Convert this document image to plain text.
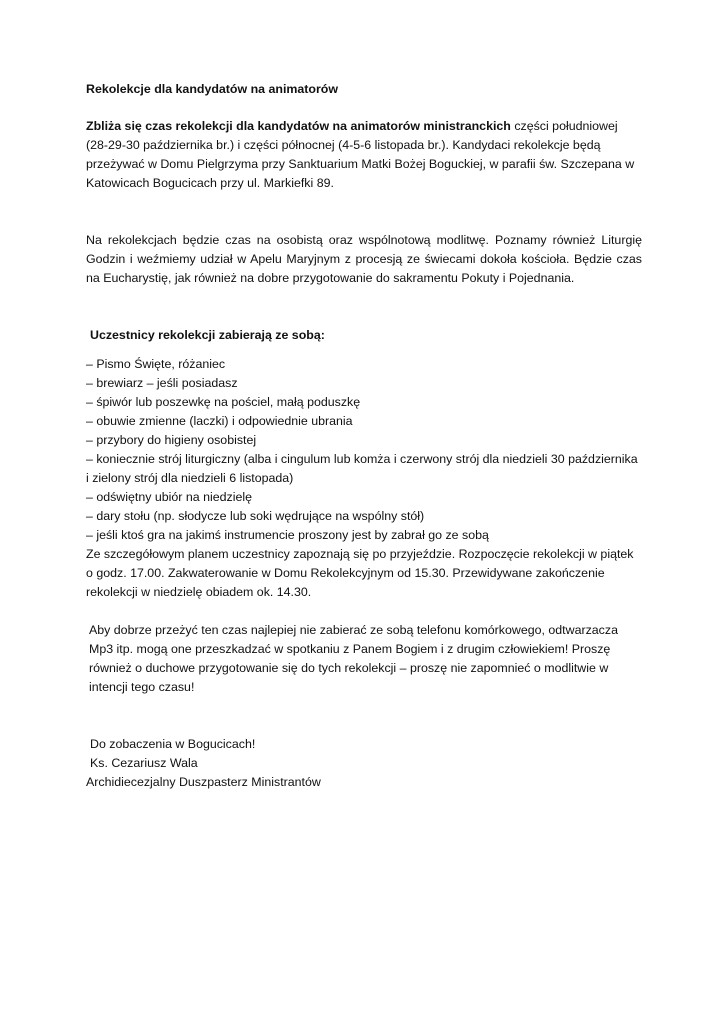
Rekolekcje dla kandydatów na animatorów

Zbliża się czas rekolekcji dla kandydatów na animatorów ministranckich części południowej (28-29-30 października br.) i części północnej (4-5-6 listopada br.). Kandydaci rekolekcje będą przeżywać w Domu Pielgrzyma przy Sanktuarium Matki Bożej Boguckiej, w parafii św. Szczepana w Katowicach Bogucicach przy ul. Markiefki 89.

Na rekolekcjach będzie czas na osobistą oraz wspólnotową modlitwę. Poznamy również Liturgię Godzin i weźmiemy udział w Apelu Maryjnym z procesją ze świecami dokoła kościoła. Będzie czas na Eucharystię, jak również na dobre przygotowanie do sakramentu Pokuty i Pojednania.

Uczestnicy rekolekcji zabierają ze sobą:

– Pismo Święte, różaniec
– brewiarz – jeśli posiadasz
– śpiwór lub poszewkę na pościel, małą poduszkę
– obuwie zmienne (laczki) i odpowiednie ubrania
– przybory do higieny osobistej
– koniecznie strój liturgiczny (alba i cingulum lub komża i czerwony strój dla niedzieli 30 października i zielony strój dla niedzieli 6 listopada)
– odświętny ubiór na niedzielę
– dary stołu (np. słodycze lub soki wędrujące na wspólny stół)
– jeśli ktoś gra na jakimś instrumencie proszony jest by zabrał go ze sobą

Ze szczegółowym planem uczestnicy zapoznają się po przyjeździe. Rozpoczęcie rekolekcji w piątek o godz. 17.00. Zakwaterowanie w Domu Rekolekcyjnym od 15.30. Przewidywane zakończenie rekolekcji w niedzielę obiadem ok. 14.30.

Aby dobrze przeżyć ten czas najlepiej nie zabierać ze sobą telefonu komórkowego, odtwarzacza Mp3 itp. mogą one przeszkadzać w spotkaniu z Panem Bogiem i z drugim człowiekiem! Proszę również o duchowe przygotowanie się do tych rekolekcji – proszę nie zapomnieć o modlitwie w intencji tego czasu!

Do zobaczenia w Bogucicach!
Ks. Cezariusz Wala
Archidiecezjalny Duszpasterz Ministrantów
